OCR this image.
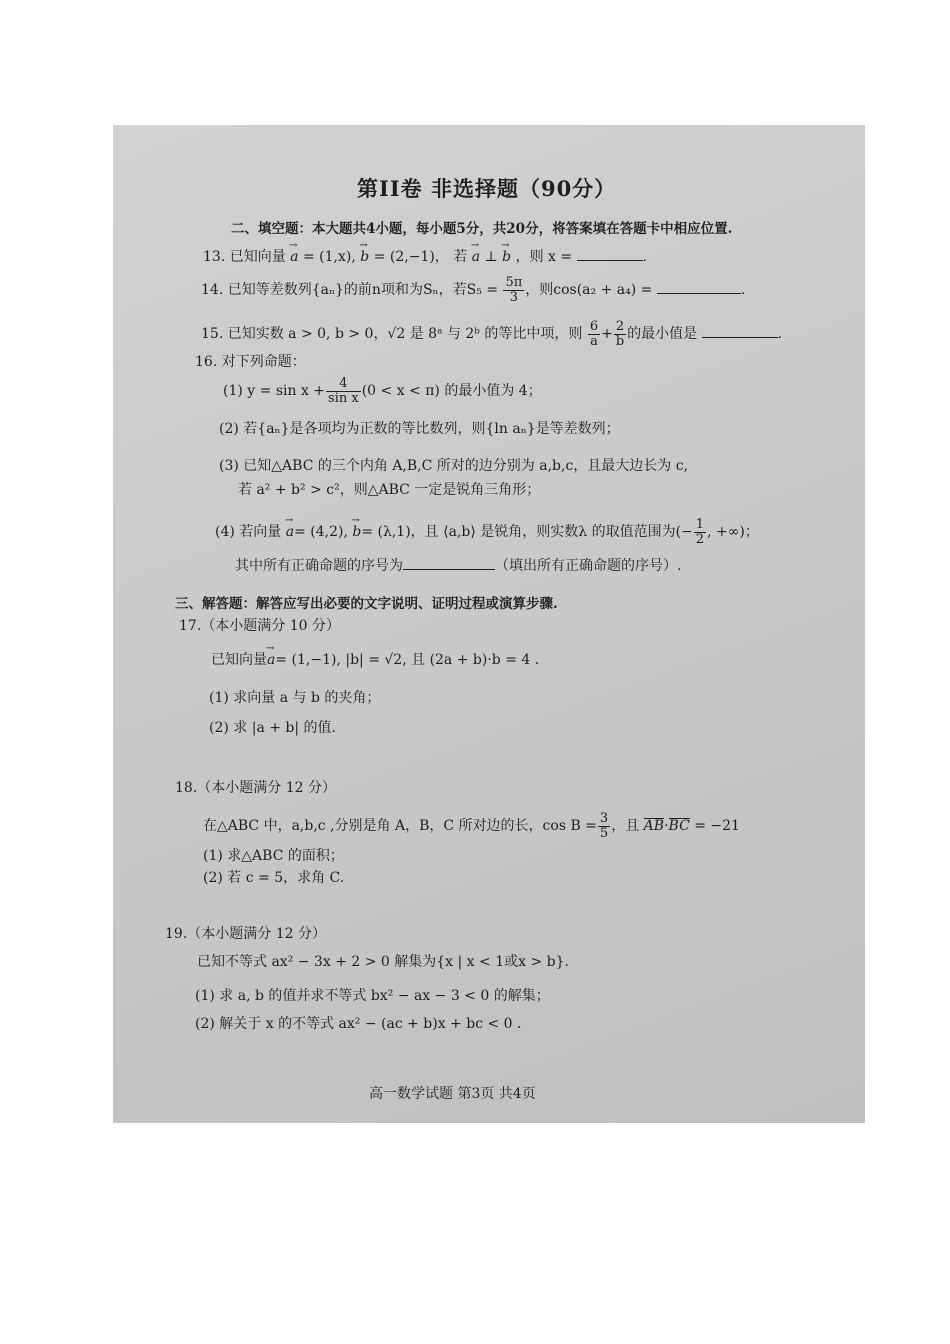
第II卷 非选择题（90分）
二、填空题：本大题共4小题，每小题5分，共20分，将答案填在答题卡中相应位置.
13. 已知向量 → a = (1,x), → b = (2,−1)， 若 → a ⊥ → b ，则 x =	.
14. 已知等差数列{aₙ}的前n项和为Sₙ，若$S_5 = \frac{5\pi}{3}$ ，则cos(a₂ + a₄) =	.
15. 已知实数 a > 0, b > 0，√2 是 8ᵃ 与 2ᵇ 的等比中项，则 $\frac{6}{a} + \frac{2}{b}$ 的最小值是	.
16. 对下列命题：
(1) $y = \sin x + \frac{4}{\text{sin x}} (0 < x < \pi)$ 的最小值为 4；
(2) 若{aₙ}是各项均为正数的等比数列，则{ln aₙ}是等差数列；
(3) 已知△ABC 的三个内角 A,B,C 所对的边分别为 a,b,c，且最大边长为 c,
若 a² + b² > c²，则△ABC 一定是锐角三角形；
(4) 若向量 → a= (4,2), → b= (λ,1)，且 ⟨a,b⟩ 是锐角，则实数λ 的取值范围为(− $\frac{1}{2}$ , +∞)；
其中所有正确命题的序号为	（填出所有正确命题的序号）.
三、解答题：解答应写出必要的文字说明、证明过程或演算步骤.
17.（本小题满分 10 分）
已知向量→ a= (1,−1), |b| = √2, 且 (2a + b)·b = 4 .
(1) 求向量 a 与 b 的夹角；
(2) 求 |a + b| 的值.
18.（本小题满分 12 分）
在△ABC 中，a,b,c ,分别是角 A，B，C 所对边的长，$\cos B = \frac{3}{5}$ ，且 AB·BC = −21
(1) 求△ABC 的面积；
(2) 若 c = 5，求角 C.
19.（本小题满分 12 分）
已知不等式 ax² − 3x + 2 > 0 解集为{x | x < 1或x > b}.
(1) 求 a, b 的值并求不等式 bx² − ax − 3 < 0 的解集；
(2) 解关于 x 的不等式 ax² − (ac + b)x + bc < 0 .
高一数学试题 第3页 共4页
